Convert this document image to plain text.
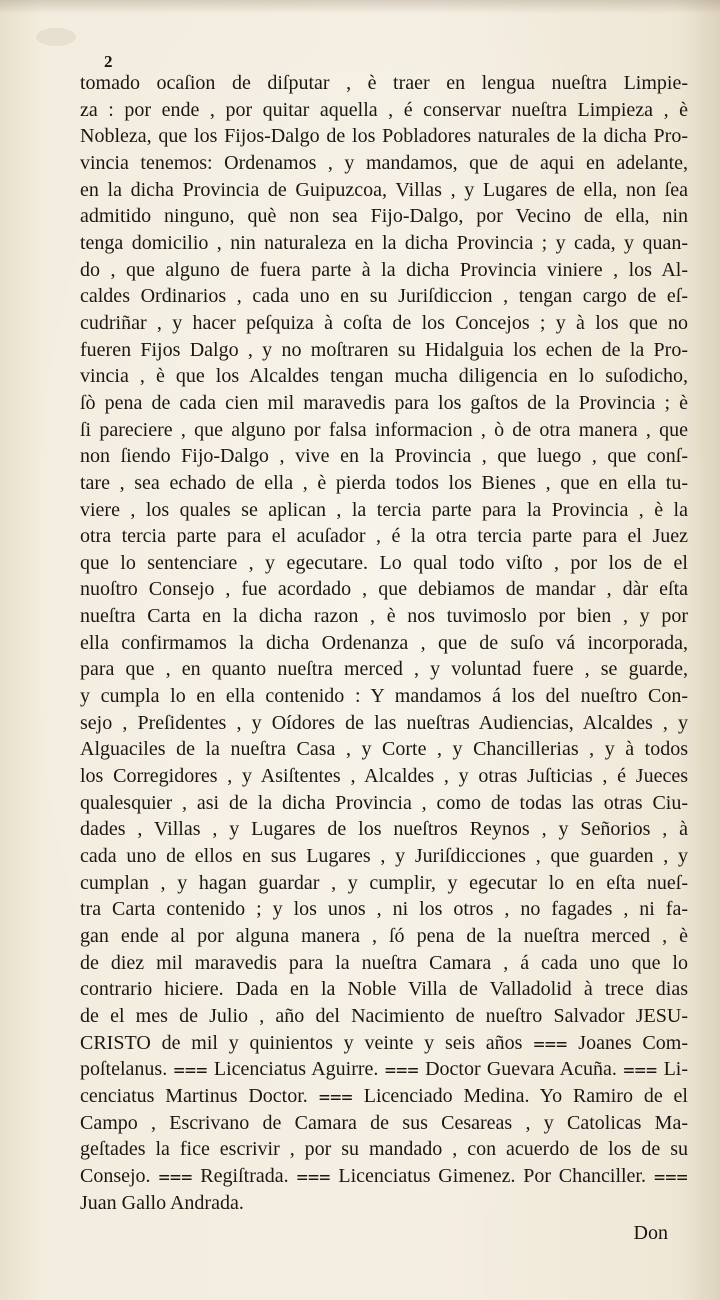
2

tomado ocaſion de diſputar , è traer en lengua nueſtra Limpie-
za : por ende , por quitar aquella , é conservar nueſtra Limpieza , è
Nobleza, que los Fijos-Dalgo de los Pobladores naturales de la dicha Pro-
vincia tenemos: Ordenamos , y mandamos, que de aqui en adelante,
en la dicha Provincia de Guipuzcoa, Villas , y Lugares de ella, non ſea
admitido ninguno, què non sea Fijo-Dalgo, por Vecino de ella, nin
tenga domicilio , nin naturaleza en la dicha Provincia ; y cada, y quan-
do , que alguno de fuera parte à la dicha Provincia viniere , los Al-
caldes Ordinarios , cada uno en su Juriſdiccion , tengan cargo de eſ-
cudriñar , y hacer peſquiza à coſta de los Concejos ; y à los que no
fueren Fijos Dalgo , y no moſtraren su Hidalguia los echen de la Pro-
vincia , è que los Alcaldes tengan mucha diligencia en lo suſodicho,
ſò pena de cada cien mil maravedis para los gaſtos de la Provincia ; è
ſi pareciere , que alguno por falsa informacion , ò de otra manera , que
non ſiendo Fijo-Dalgo , vive en la Provincia , que luego , que conſ-
tare , sea echado de ella , è pierda todos los Bienes , que en ella tu-
viere , los quales se aplican , la tercia parte para la Provincia , è la
otra tercia parte para el acuſador , é la otra tercia parte para el Juez
que lo sentenciare , y egecutare. Lo qual todo viſto , por los de el
nuoſtro Consejo , fue acordado , que debiamos de mandar , dàr eſta
nueſtra Carta en la dicha razon , è nos tuvimoslo por bien , y por
ella confirmamos la dicha Ordenanza , que de suſo vá incorporada,
para que , en quanto nueſtra merced , y voluntad fuere , se guarde,
y cumpla lo en ella contenido : Y mandamos á los del nueſtro Con-
sejo , Preſidentes , y Oídores de las nueſtras Audiencias, Alcaldes , y
Alguaciles de la nueſtra Casa , y Corte , y Chancillerias , y à todos
los Corregidores , y Asiſtentes , Alcaldes , y otras Juſticias , é Jueces
qualesquier , asi de la dicha Provincia , como de todas las otras Ciu-
dades , Villas , y Lugares de los nueſtros Reynos , y Señorios , à
cada uno de ellos en sus Lugares , y Juriſdicciones , que guarden , y
cumplan , y hagan guardar , y cumplir, y egecutar lo en eſta nueſ-
tra Carta contenido ; y los unos , ni los otros , no fagades , ni fa-
gan ende al por alguna manera , ſó pena de la nueſtra merced , è
de diez mil maravedis para la nueſtra Camara , á cada uno que lo
contrario hiciere. Dada en la Noble Villa de Valladolid à trece dias
de el mes de Julio , año del Nacimiento de nueſtro Salvador JESU-
CRISTO de mil y quinientos y veinte y seis años ⩶ Joanes Com-
poſtelanus. ⩶ Licenciatus Aguirre. ⩶ Doctor Guevara Acuña. ⩶ Li-
cenciatus Martinus Doctor. ⩶ Licenciado Medina. Yo Ramiro de el
Campo , Escrivano de Camara de sus Cesareas , y Catolicas Ma-
geſtades la fice escrivir , por su mandado , con acuerdo de los de su
Consejo. ⩶ Regiſtrada. ⩶ Licenciatus Gimenez. Por Chanciller. ⩶
Juan Gallo Andrada.

Don
